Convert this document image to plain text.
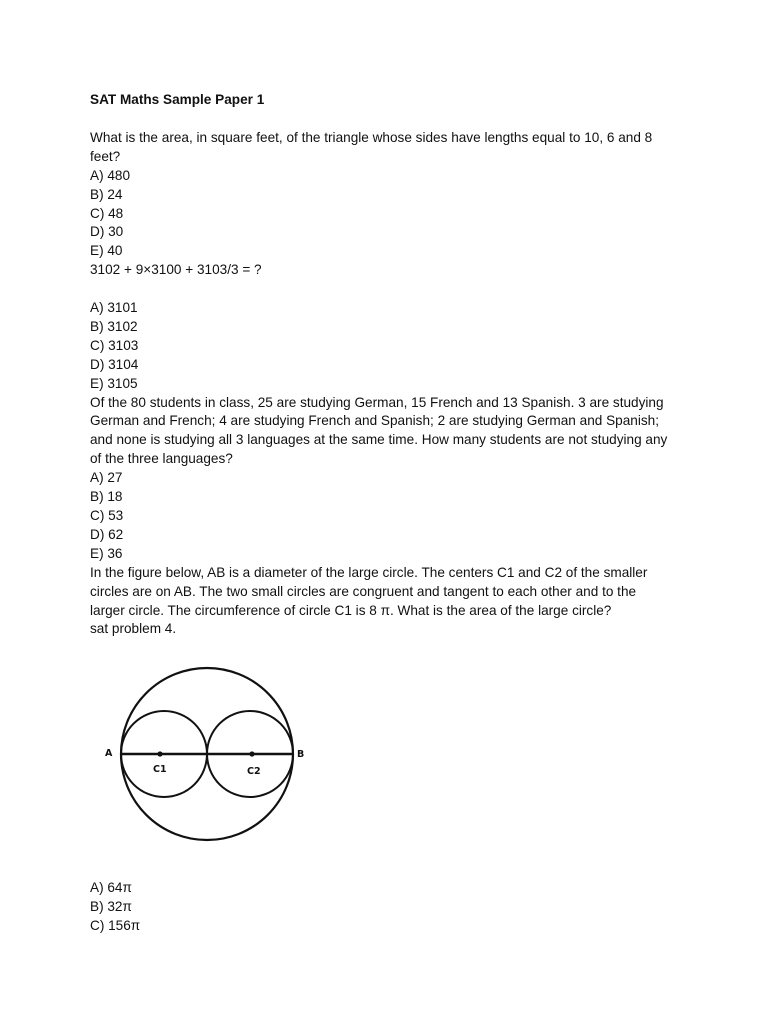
SAT Maths Sample Paper 1
What is the area, in square feet, of the triangle whose sides have lengths equal to 10, 6 and 8
feet?
A) 480
B) 24
C) 48
D) 30
E) 40
3102 + 9×3100 + 3103/3 = ?
A) 3101
B) 3102
C) 3103
D) 3104
E) 3105
Of the 80 students in class, 25 are studying German, 15 French and 13 Spanish. 3 are studying
German and French; 4 are studying French and Spanish; 2 are studying German and Spanish;
and none is studying all 3 languages at the same time. How many students are not studying any
of the three languages?
A) 27
B) 18
C) 53
D) 62
E) 36
In the figure below, AB is a diameter of the large circle. The centers C1 and C2 of the smaller
circles are on AB. The two small circles are congruent and tangent to each other and to the
larger circle. The circumference of circle C1 is 8 π. What is the area of the large circle?
sat problem 4.
A	B
C1	C2
A) 64π
B) 32π
C) 156π
